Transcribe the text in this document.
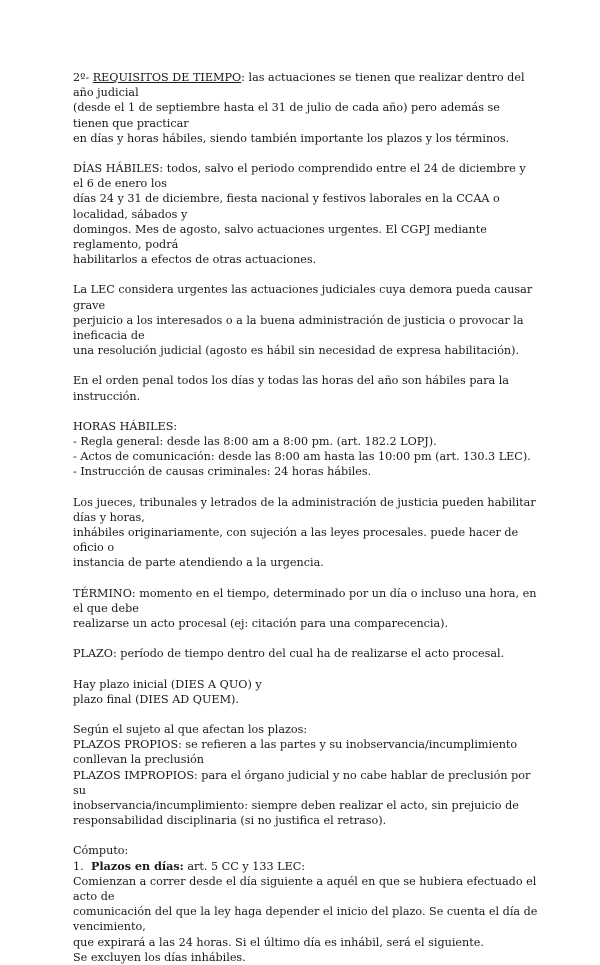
2º- REQUISITOS DE TIEMPO: las actuaciones se tienen que realizar dentro del año judicial

(desde el 1 de septiembre hasta el 31 de julio de cada año) pero además se tienen que practicar

en días y horas hábiles, siendo también importante los plazos y los términos.

DÍAS HÁBILES: todos, salvo el periodo comprendido entre el 24 de diciembre y el 6 de enero los

días 24 y 31 de diciembre, fiesta nacional y festivos laborales en la CCAA o localidad, sábados y

domingos. Mes de agosto, salvo actuaciones urgentes. El CGPJ mediante reglamento, podrá

habilitarlos a efectos de otras actuaciones.

La LEC considera urgentes las actuaciones judiciales cuya demora pueda causar grave

perjuicio a los interesados o a la buena administración de justicia o provocar la ineficacia de

una resolución judicial (agosto es hábil sin necesidad de expresa habilitación).

En el orden penal todos los días y todas las horas del año son hábiles para la instrucción.

HORAS HÁBILES:

- Regla general: desde las 8:00 am a 8:00 pm. (art. 182.2 LOPJ).

- Actos de comunicación: desde las 8:00 am hasta las 10:00 pm (art. 130.3 LEC).

- Instrucción de causas criminales: 24 horas hábiles.

Los jueces, tribunales y letrados de la administración de justicia pueden habilitar días y horas,

inhábiles originariamente, con sujeción a las leyes procesales. puede hacer de oficio o

instancia de parte atendiendo a la urgencia.

TÉRMINO: momento en el tiempo, determinado por un día o incluso una hora, en el que debe

realizarse un acto procesal (ej: citación para una comparecencia).

PLAZO: período de tiempo dentro del cual ha de realizarse el acto procesal.

Hay plazo inicial (DIES A QUO) y

plazo final (DIES AD QUEM).

Según el sujeto al que afectan los plazos:

PLAZOS PROPIOS: se refieren a las partes y su inobservancia/incumplimiento

conllevan la preclusión

PLAZOS IMPROPIOS: para el órgano judicial y no cabe hablar de preclusión por su

inobservancia/incumplimiento: siempre deben realizar el acto, sin prejuicio de

responsabilidad disciplinaria (si no justifica el retraso).

Cómputo:

1. Plazos en días: art. 5 CC y 133 LEC:

Comienzan a correr desde el día siguiente a aquél en que se hubiera efectuado el acto de

comunicación del que la ley haga depender el inicio del plazo. Se cuenta el día de vencimiento,

que expirará a las 24 horas. Si el último día es inhábil, será el siguiente.

Se excluyen los días inhábiles.
